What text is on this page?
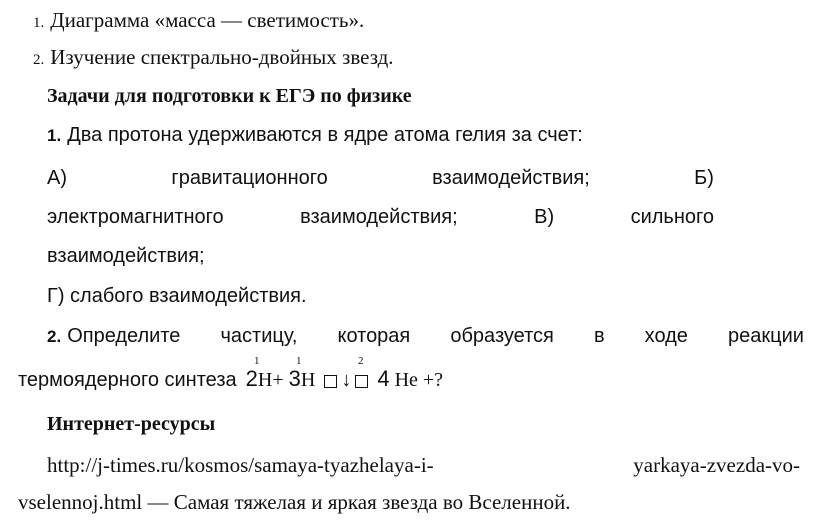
1. Диаграмма «масса — светимость».
2. Изучение спектрально-двойных звезд.
Задачи для подготовки к ЕГЭ по физике
1. Два протона удерживаются в ядре атома гелия за счет:
А)	гравитационного	взаимодействия;	Б)
электромагнитного	взаимодействия;	В)	сильного
взаимодействия;
Г) слабого взаимодействия.
2. Определите частицу, которая образуется в ходе реакции
1	1	2
термоядерного синтеза 2H+ 3H ↓ 4 He +?
Интернет-ресурсы
http://j-times.ru/kosmos/samaya-tyazhelaya-i-	yarkaya-zvezda-vo-
vselennoj.html — Самая тяжелая и яркая звезда во Вселенной.
